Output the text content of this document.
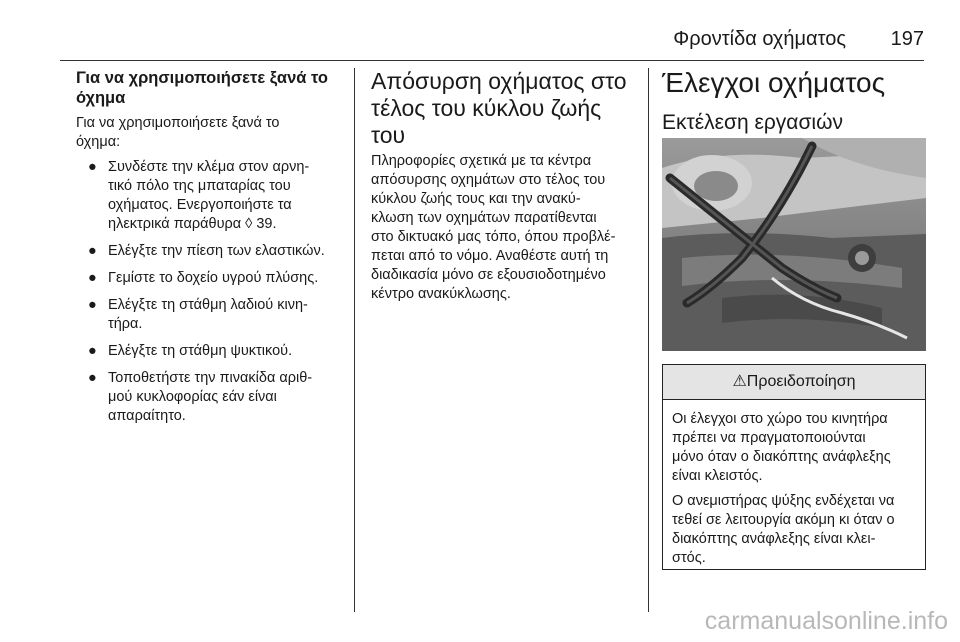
Φροντίδα οχήματος 197
Για να χρησιμοποιήσετε ξανά το
όχημα

Για να χρησιμοποιήσετε ξανά το
όχημα:

● Συνδέστε την κλέμα στον αρνη-
τικό πόλο της μπαταρίας του
οχήματος. Ενεργοποιήστε τα
ηλεκτρικά παράθυρα ◊ 39.
● Ελέγξτε την πίεση των ελαστικών.
● Γεμίστε το δοχείο υγρού πλύσης.
● Ελέγξτε τη στάθμη λαδιού κινη-
τήρα.
● Ελέγξτε τη στάθμη ψυκτικού.
● Τοποθετήστε την πινακίδα αριθ-
μού κυκλοφορίας εάν είναι
απαραίτητο.
Απόσυρση οχήματος στο
τέλος του κύκλου ζωής του

Πληροφορίες σχετικά με τα κέντρα
απόσυρσης οχημάτων στο τέλος του
κύκλου ζωής τους και την ανακύ-
κλωση των οχημάτων παρατίθενται
στο δικτυακό μας τόπο, όπου προβλέ-
πεται από το νόμο. Αναθέστε αυτή τη
διαδικασία μόνο σε εξουσιοδοτημένο
κέντρο ανακύκλωσης.

Έλεγχοι οχήματος
Εκτέλεση εργασιών
⚠Προειδοποίηση

Οι έλεγχοι στο χώρο του κινητήρα
πρέπει να πραγματοποιούνται
μόνο όταν ο διακόπτης ανάφλεξης
είναι κλειστός.

Ο ανεμιστήρας ψύξης ενδέχεται να
τεθεί σε λειτουργία ακόμη κι όταν ο
διακόπτης ανάφλεξης είναι κλει-
στός.

carmanualsonline.info
